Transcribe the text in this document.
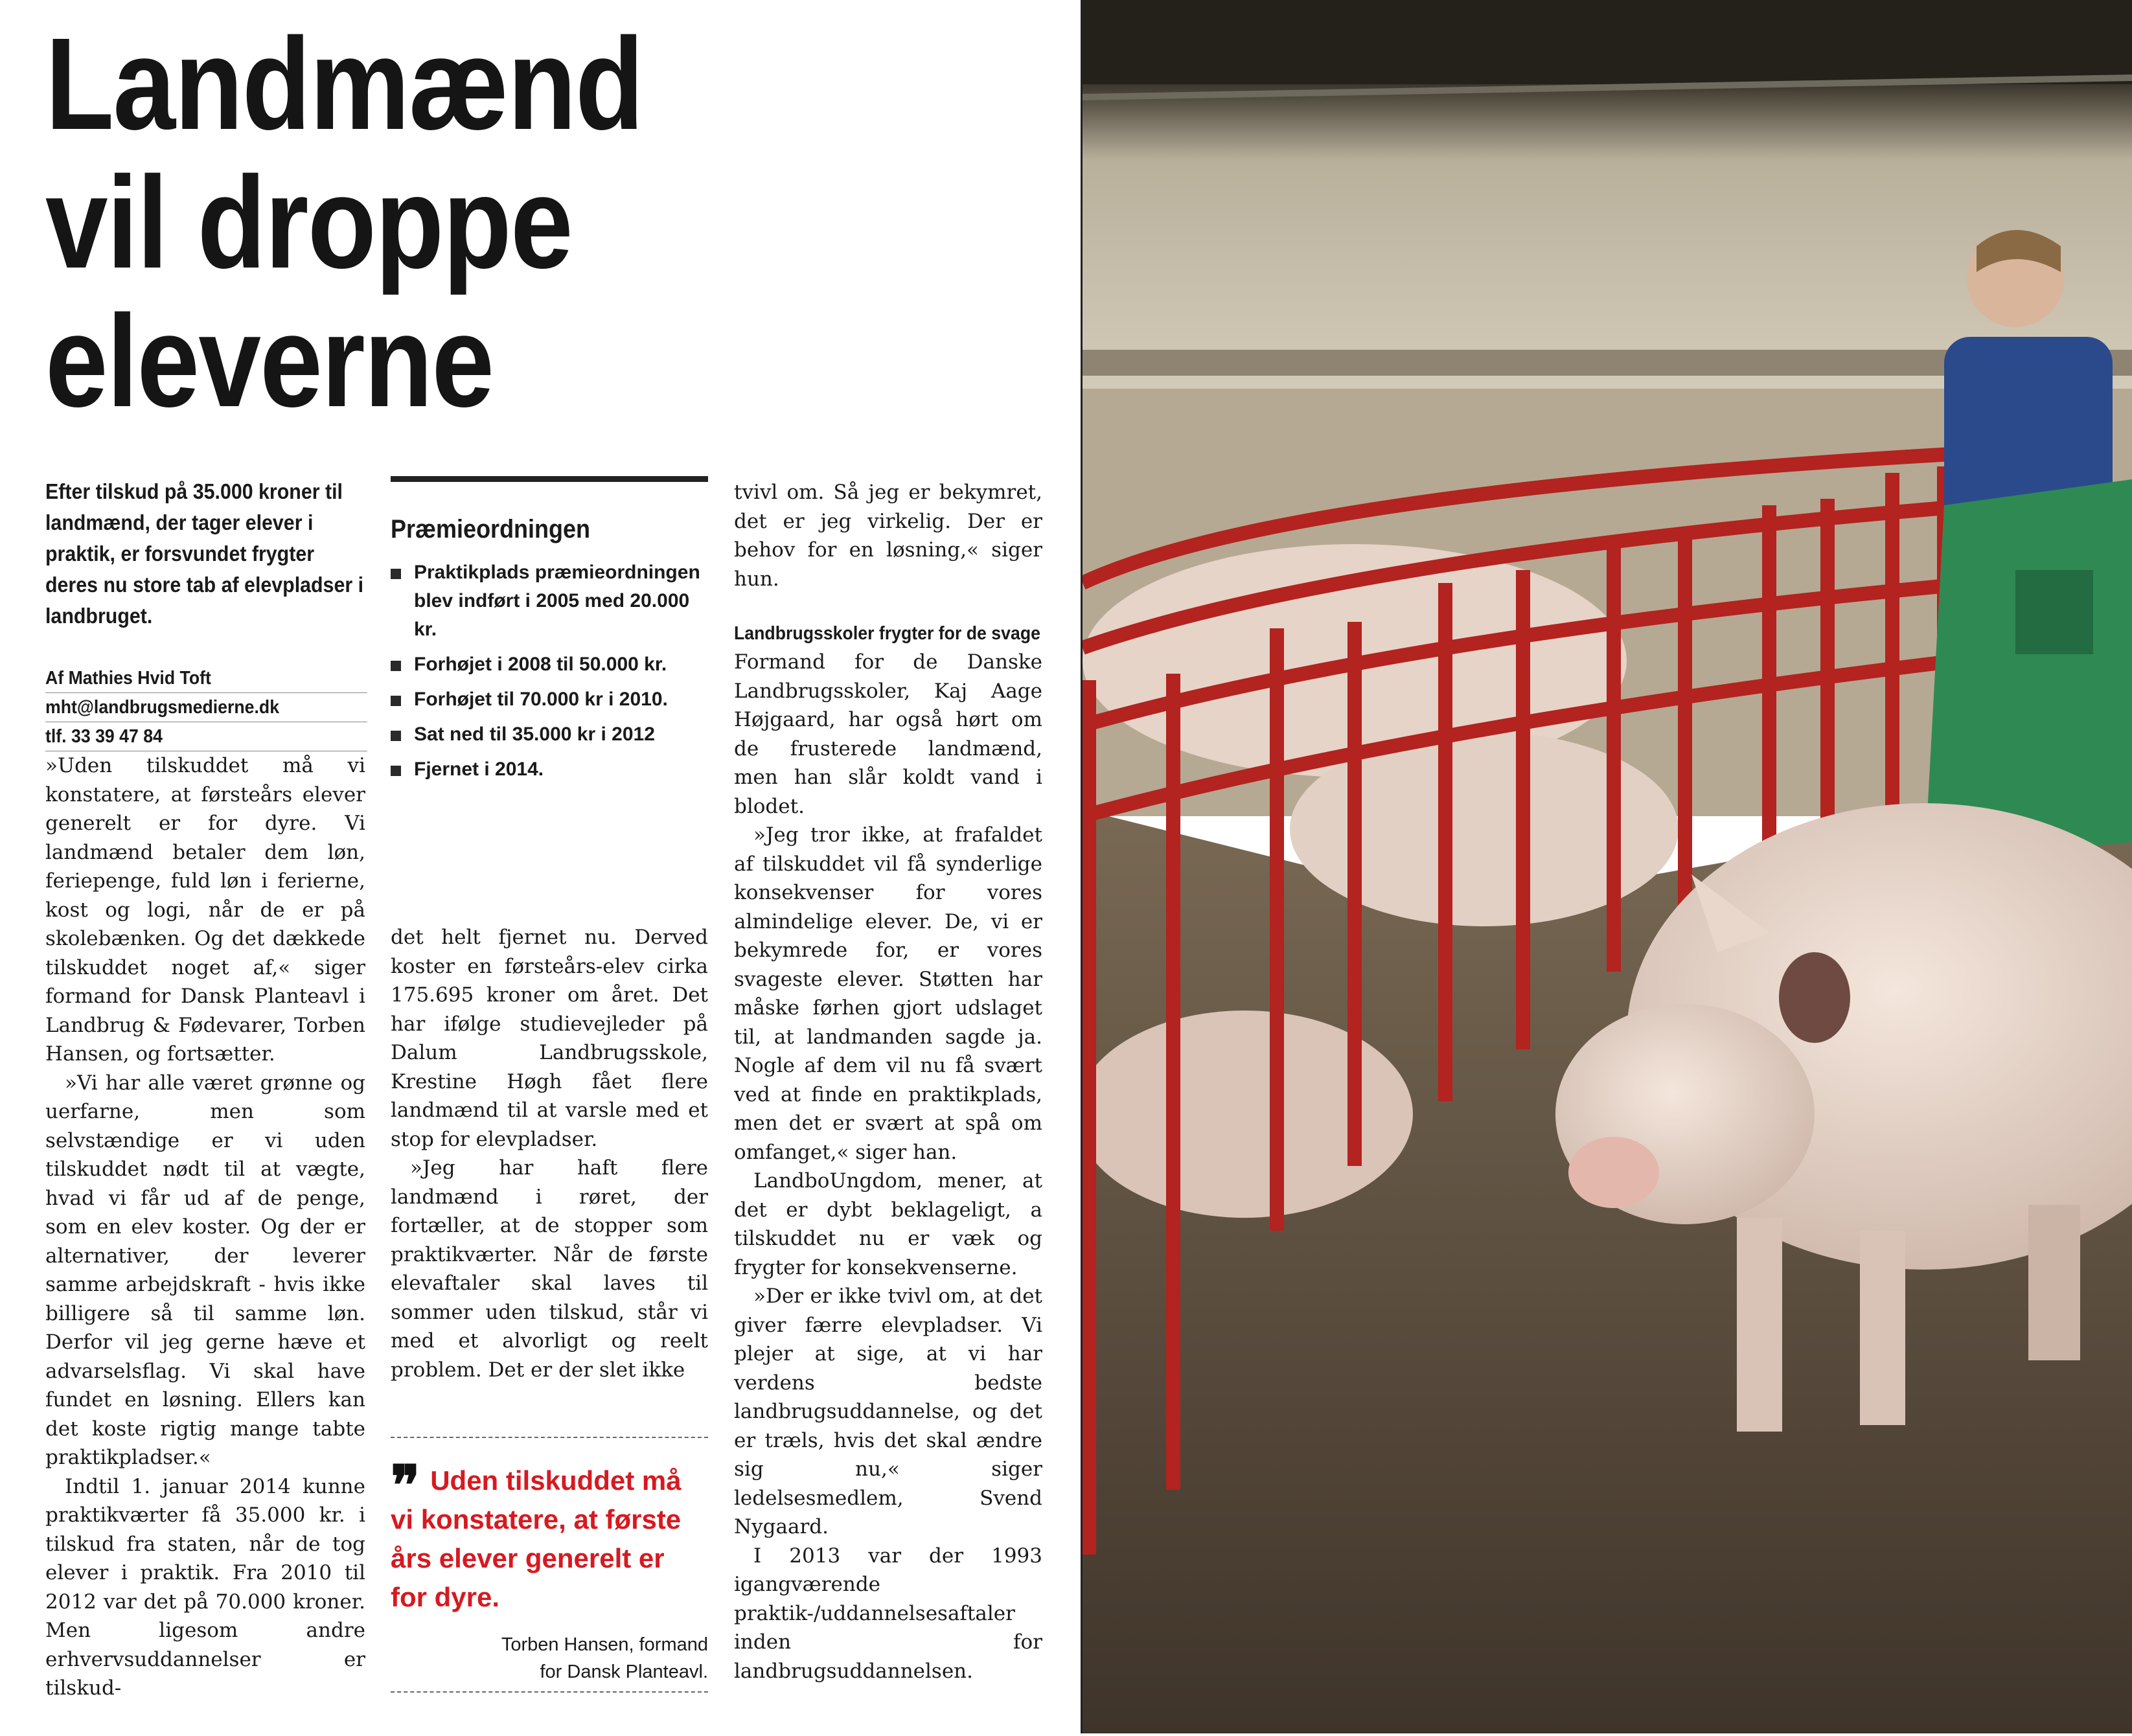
Landmænd
vil droppe
eleverne

Efter tilskud på 35.000 kroner til landmænd, der tager elever i praktik, er forsvundet frygter deres nu store tab af elevpladser i landbruget.

Af Mathies Hvid Toft
mht@landbrugsmedierne.dk
tlf. 33 39 47 84

»Uden tilskuddet må vi konstatere, at førsteårs elever generelt er for dyre. Vi landmænd betaler dem løn, feriepenge, fuld løn i ferierne, kost og logi, når de er på skolebænken. Og det dækkede tilskuddet noget af,« siger formand for Dansk Planteavl i Landbrug & Fødevarer, Torben Hansen, og fortsætter.

»Vi har alle været grønne og uerfarne, men som selvstændige er vi uden tilskuddet nødt til at vægte, hvad vi får ud af de penge, som en elev koster. Og der er alternativer, der leverer samme arbejdskraft - hvis ikke billigere så til samme løn. Derfor vil jeg gerne hæve et advarselsflag. Vi skal have fundet en løsning. Ellers kan det koste rigtig mange tabte praktikpladser.«

Indtil 1. januar 2014 kunne praktikværter få 35.000 kr. i tilskud fra staten, når de tog elever i praktik. Fra 2010 til 2012 var det på 70.000 kroner. Men ligesom andre erhvervsuddannelser er tilskud-

Præmieordningen
Praktikplads præmieordningen blev indført i 2005 med 20.000 kr.
Forhøjet i 2008 til 50.000 kr.
Forhøjet til 70.000 kr i 2010.
Sat ned til 35.000 kr i 2012
Fjernet i 2014.

det helt fjernet nu. Derved koster en førsteårs-elev cirka 175.695 kroner om året. Det har ifølge studievejleder på Dalum Landbrugsskole, Krestine Høgh fået flere landmænd til at varsle med et stop for elevpladser.

»Jeg har haft flere landmænd i røret, der fortæller, at de stopper som praktikværter. Når de første elevaftaler skal laves til sommer uden tilskud, står vi med et alvorligt og reelt problem. Det er der slet ikke

❞ Uden tilskuddet må vi konstatere, at første års elever generelt er for dyre.
Torben Hansen, formand
for Dansk Planteavl.

tvivl om. Så jeg er bekymret, det er jeg virkelig. Der er behov for en løsning,« siger hun.

Landbrugsskoler frygter for de svage

Formand for de Danske Landbrugsskoler, Kaj Aage Højgaard, har også hørt om de frusterede landmænd, men han slår koldt vand i blodet.

»Jeg tror ikke, at frafaldet af tilskuddet vil få synderlige konsekvenser for vores almindelige elever. De, vi er bekymrede for, er vores svageste elever. Støtten har måske førhen gjort udslaget til, at landmanden sagde ja. Nogle af dem vil nu få svært ved at finde en praktikplads, men det er svært at spå om omfanget,« siger han.

LandboUngdom, mener, at det er dybt beklageligt, a tilskuddet nu er væk og frygter for konsekvenserne.

»Der er ikke tvivl om, at det giver færre elevpladser. Vi plejer at sige, at vi har verdens bedste landbrugsuddannelse, og det er træls, hvis det skal ændre sig nu,« siger ledelsesmedlem, Svend Nygaard.

I 2013 var der 1993 igangværende praktik-/uddannelsesaftaler inden for landbrugsuddannelsen.
